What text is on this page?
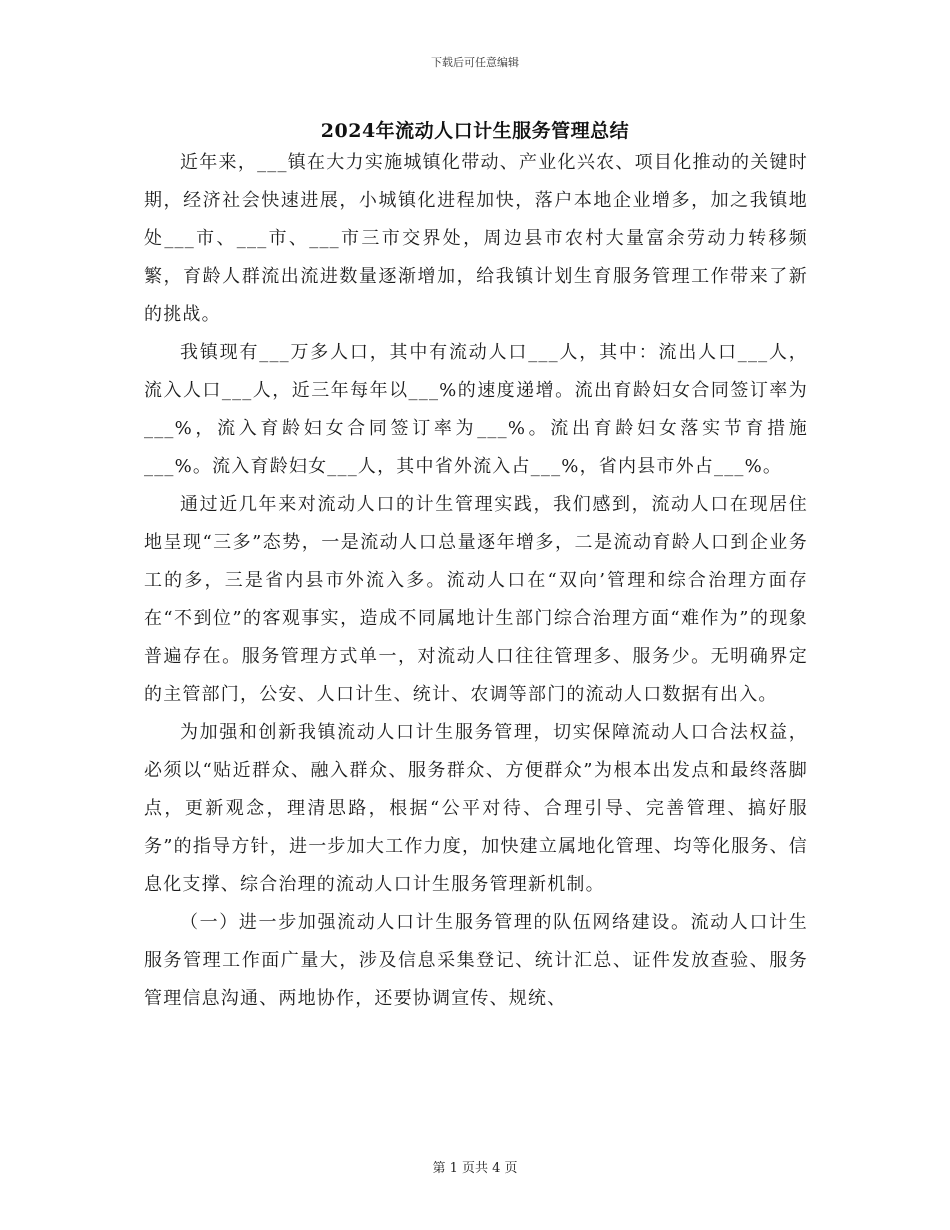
下载后可任意编辑
2024年流动人口计生服务管理总结

近年来，___镇在大力实施城镇化带动、产业化兴农、项目化推动的关键时期，经济社会快速进展，小城镇化进程加快，落户本地企业增多，加之我镇地处___市、___市、___市三市交界处，周边县市农村大量富余劳动力转移频繁，育龄人群流出流进数量逐渐增加，给我镇计划生育服务管理工作带来了新的挑战。

我镇现有___万多人口，其中有流动人口___人，其中：流出人口___人，流入人口___人，近三年每年以___%的速度递增。流出育龄妇女合同签订率为___%，流入育龄妇女合同签订率为___%。流出育龄妇女落实节育措施___%。流入育龄妇女___人，其中省外流入占___%，省内县市外占___%。

通过近几年来对流动人口的计生管理实践，我们感到，流动人口在现居住地呈现“三多”态势，一是流动人口总量逐年增多，二是流动育龄人口到企业务工的多，三是省内县市外流入多。流动人口在“双向’管理和综合治理方面存在“不到位”的客观事实，造成不同属地计生部门综合治理方面“难作为”的现象普遍存在。服务管理方式单一，对流动人口往往管理多、服务少。无明确界定的主管部门，公安、人口计生、统计、农调等部门的流动人口数据有出入。

为加强和创新我镇流动人口计生服务管理，切实保障流动人口合法权益，必须以“贴近群众、融入群众、服务群众、方便群众”为根本出发点和最终落脚点，更新观念，理清思路，根据“公平对待、合理引导、完善管理、搞好服务”的指导方针，进一步加大工作力度，加快建立属地化管理、均等化服务、信息化支撑、综合治理的流动人口计生服务管理新机制。

（一）进一步加强流动人口计生服务管理的队伍网络建设。流动人口计生服务管理工作面广量大，涉及信息采集登记、统计汇总、证件发放查验、服务管理信息沟通、两地协作，还要协调宣传、规统、

第 1 页共 4 页
